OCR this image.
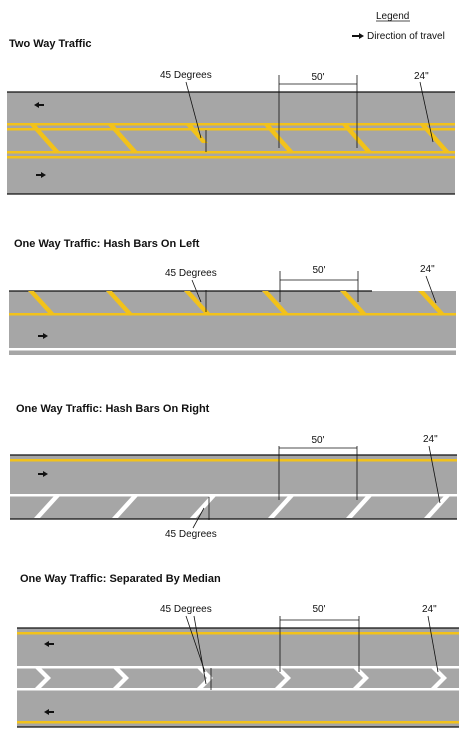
Legend
Direction of travel
Two Way Traffic
50'
45 Degrees	24"
One Way Traffic: Hash Bars On Left
50'
45 Degrees	24"
One Way Traffic: Hash Bars On Right
50'
45 Degrees
24"
One Way Traffic: Separated By Median
50'
45 Degrees	24"
